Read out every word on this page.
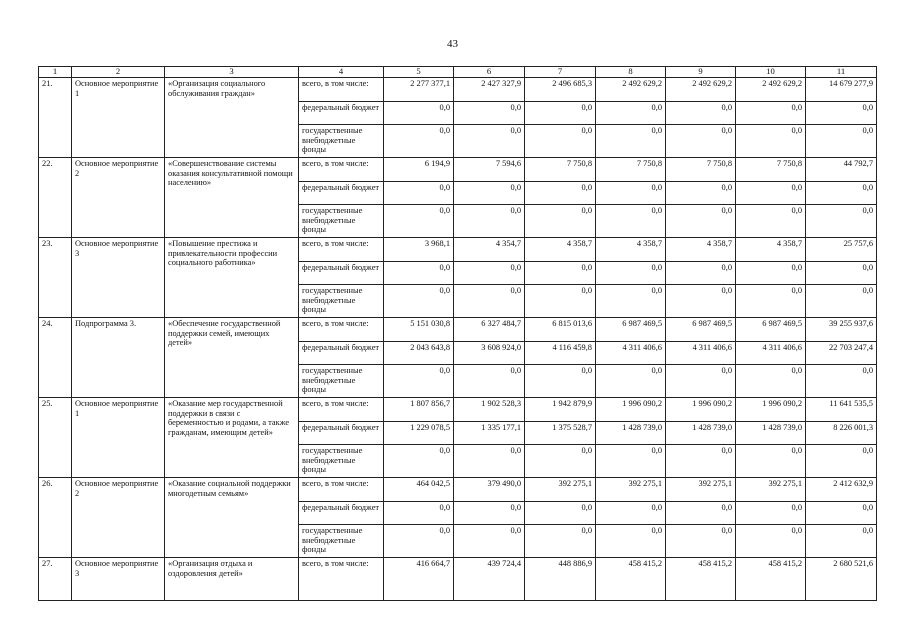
43
1	2	3	4	5	6	7	8	9	10	11
21.	Основное мероприятие 1	«Организация социального обслуживания граждан»	всего, в том числе:	2 277 377,1	2 427 327,9	2 496 685,3	2 492 629,2	2 492 629,2	2 492 629,2	14 679 277,9
			федеральный бюджет	0,0	0,0	0,0	0,0	0,0	0,0	0,0
			государственные внебюджетные фонды	0,0	0,0	0,0	0,0	0,0	0,0	0,0
22.	Основное мероприятие 2	«Совершенствование системы оказания консультативной помощи населению»	всего, в том числе:	6 194,9	7 594,6	7 750,8	7 750,8	7 750,8	7 750,8	44 792,7
			федеральный бюджет	0,0	0,0	0,0	0,0	0,0	0,0	0,0
			государственные внебюджетные фонды	0,0	0,0	0,0	0,0	0,0	0,0	0,0
23.	Основное мероприятие 3	«Повышение престижа и привлекательности профессии социального работника»	всего, в том числе:	3 968,1	4 354,7	4 358,7	4 358,7	4 358,7	4 358,7	25 757,6
			федеральный бюджет	0,0	0,0	0,0	0,0	0,0	0,0	0,0
			государственные внебюджетные фонды	0,0	0,0	0,0	0,0	0,0	0,0	0,0
24.	Подпрограмма 3.	«Обеспечение государственной поддержки семей, имеющих детей»	всего, в том числе:	5 151 030,8	6 327 484,7	6 815 013,6	6 987 469,5	6 987 469,5	6 987 469,5	39 255 937,6
			федеральный бюджет	2 043 643,8	3 608 924,0	4 116 459,8	4 311 406,6	4 311 406,6	4 311 406,6	22 703 247,4
			государственные внебюджетные фонды	0,0	0,0	0,0	0,0	0,0	0,0	0,0
25.	Основное мероприятие 1	«Оказание мер государственной поддержки в связи с беременностью и родами, а также гражданам, имеющим детей»	всего, в том числе:	1 807 856,7	1 902 528,3	1 942 879,9	1 996 090,2	1 996 090,2	1 996 090,2	11 641 535,5
			федеральный бюджет	1 229 078,5	1 335 177,1	1 375 528,7	1 428 739,0	1 428 739,0	1 428 739,0	8 226 001,3
			государственные внебюджетные фонды	0,0	0,0	0,0	0,0	0,0	0,0	0,0
26.	Основное мероприятие 2	«Оказание социальной поддержки многодетным семьям»	всего, в том числе:	464 042,5	379 490,0	392 275,1	392 275,1	392 275,1	392 275,1	2 412 632,9
			федеральный бюджет	0,0	0,0	0,0	0,0	0,0	0,0	0,0
			государственные внебюджетные фонды	0,0	0,0	0,0	0,0	0,0	0,0	0,0
27.	Основное мероприятие 3	«Организация отдыха и оздоровления детей»	всего, в том числе:	416 664,7	439 724,4	448 886,9	458 415,2	458 415,2	458 415,2	2 680 521,6
